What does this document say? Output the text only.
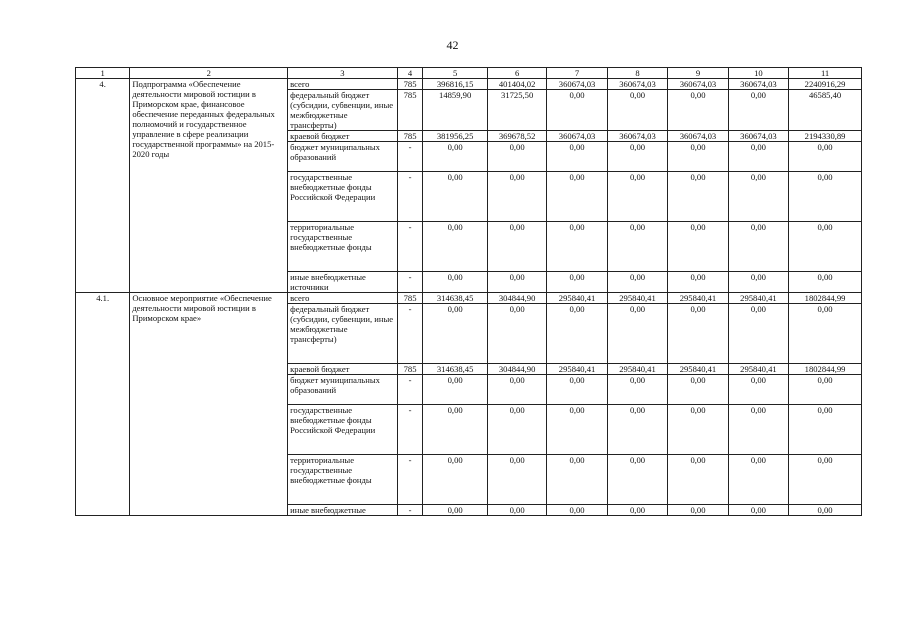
42
1	2	3	4	5	6	7	8	9	10	11
4.	Подпрограмма «Обеспечение деятельности мировой юстиции в Приморском крае, финансовое обеспечение переданных федеральных полномочий и государственное управление в сфере реализации государственной программы» на 2015-2020 годы	всего	785	396816,15	401404,02	360674,03	360674,03	360674,03	360674,03	2240916,29
		федеральный бюджет (субсидии, субвенции, иные межбюджетные трансферты)	785	14859,90	31725,50	0,00	0,00	0,00	0,00	46585,40
		краевой бюджет	785	381956,25	369678,52	360674,03	360674,03	360674,03	360674,03	2194330,89
		бюджет муниципальных образований	-	0,00	0,00	0,00	0,00	0,00	0,00	0,00
		государственные внебюджетные фонды Российской Федерации	-	0,00	0,00	0,00	0,00	0,00	0,00	0,00
		территориальные государственные внебюджетные фонды	-	0,00	0,00	0,00	0,00	0,00	0,00	0,00
		иные внебюджетные источники	-	0,00	0,00	0,00	0,00	0,00	0,00	0,00
4.1.	Основное мероприятие «Обеспечение деятельности мировой юстиции в Приморском крае»	всего	785	314638,45	304844,90	295840,41	295840,41	295840,41	295840,41	1802844,99
		федеральный бюджет (субсидии, субвенции, иные межбюджетные трансферты)	-	0,00	0,00	0,00	0,00	0,00	0,00	0,00
		краевой бюджет	785	314638,45	304844,90	295840,41	295840,41	295840,41	295840,41	1802844,99
		бюджет муниципальных образований	-	0,00	0,00	0,00	0,00	0,00	0,00	0,00
		государственные внебюджетные фонды Российской Федерации	-	0,00	0,00	0,00	0,00	0,00	0,00	0,00
		территориальные государственные внебюджетные фонды	-	0,00	0,00	0,00	0,00	0,00	0,00	0,00
		иные внебюджетные	-	0,00	0,00	0,00	0,00	0,00	0,00	0,00
